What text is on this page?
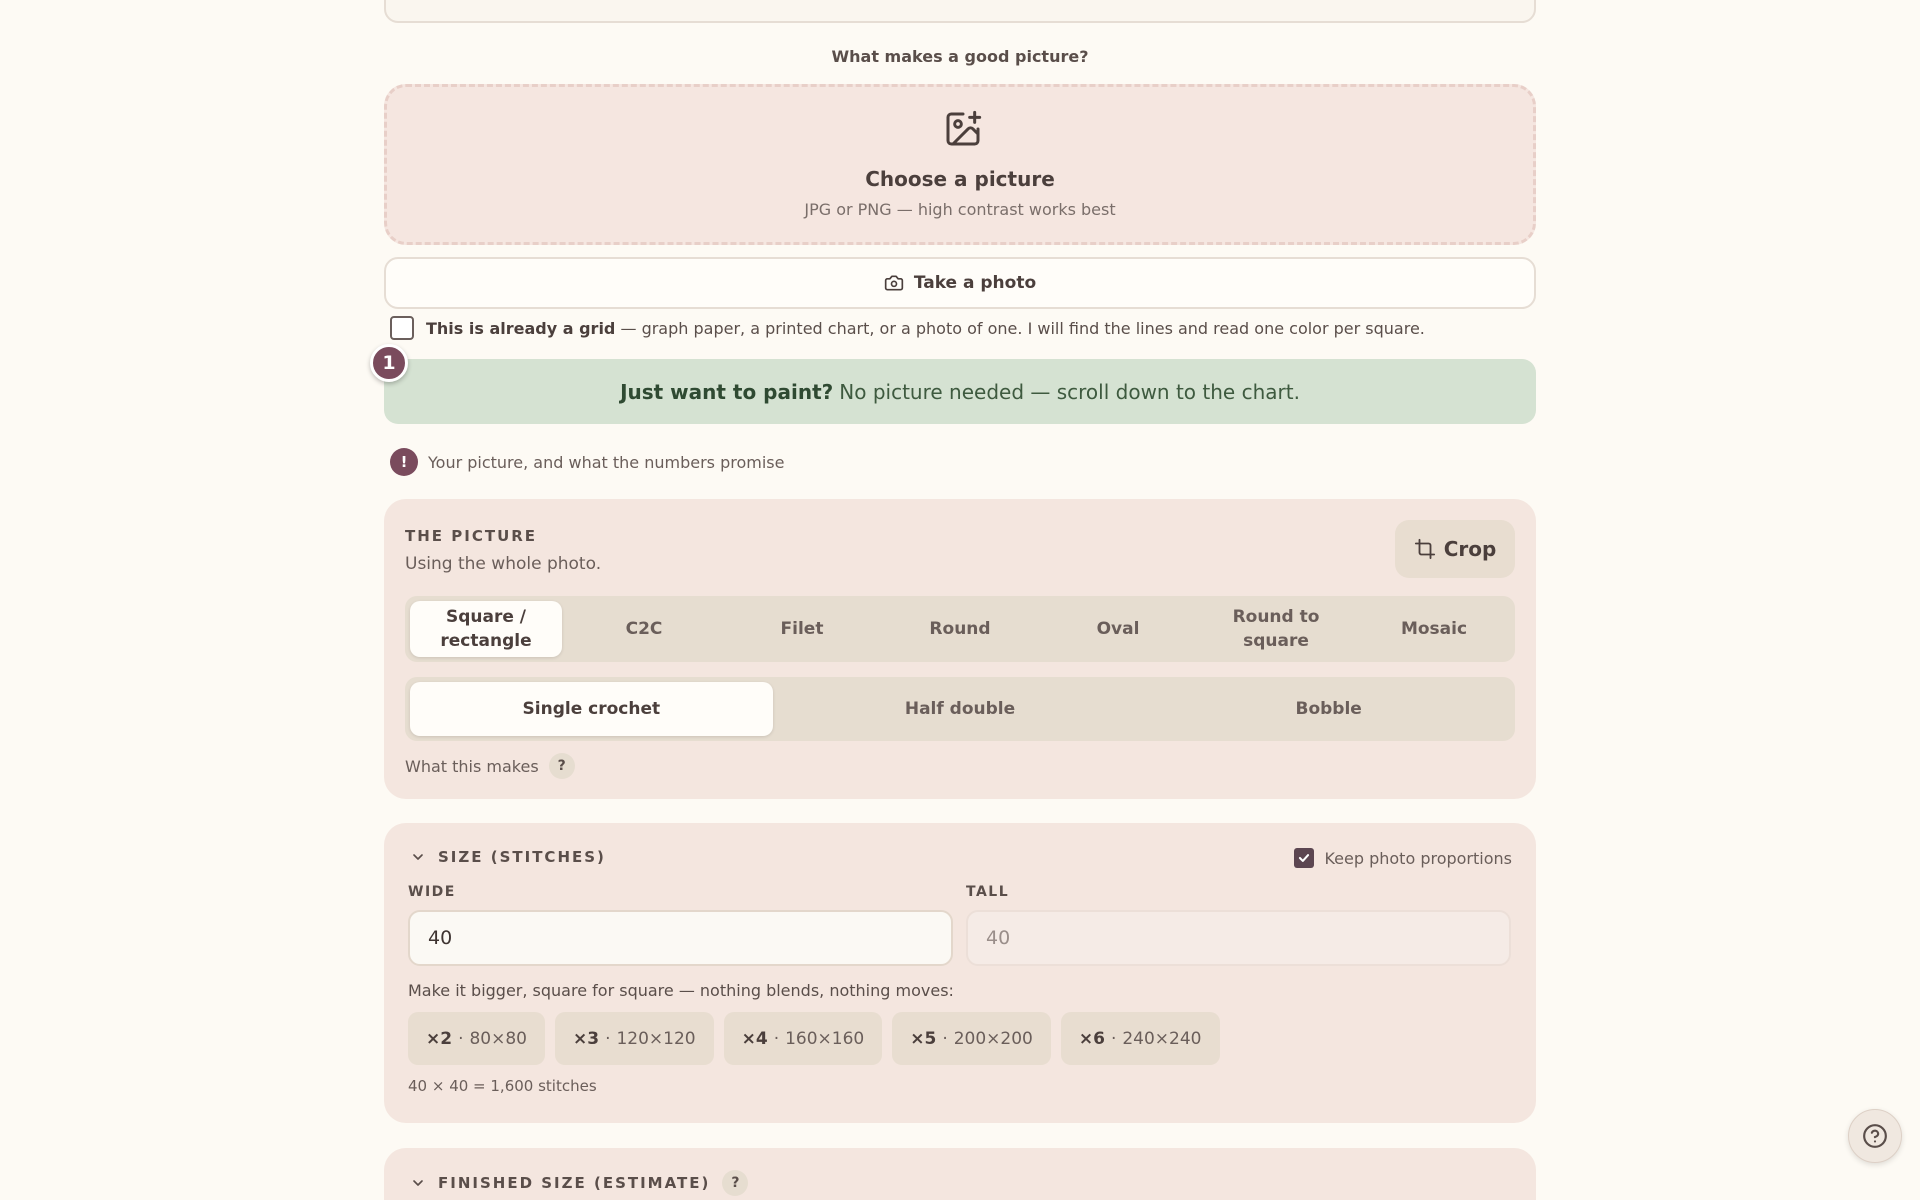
What makes a good picture?
Choose a picture
JPG or PNG — high contrast works best
Take a photo
This is already a grid — graph paper, a printed chart, or a photo of one. I will find the lines and read one color per square.
Just want to paint? No picture needed — scroll down to the chart.
1
!	Your picture, and what the numbers promise
THE PICTURE
Using the whole photo.
Crop
Square / rectangle
C2C	Filet	Round	Oval
Round to square
Mosaic
Single crochet	Half double	Bobble
What this makes	?
SIZE (STITCHES)	Keep photo proportions
WIDE	TALL
40	40
Make it bigger, square for square — nothing blends, nothing moves:
×2 · 80×80	×3 · 120×120	×4 · 160×160	×5 · 200×200	×6 · 240×240
40 × 40 = 1,600 stitches
FINISHED SIZE (ESTIMATE)	?
